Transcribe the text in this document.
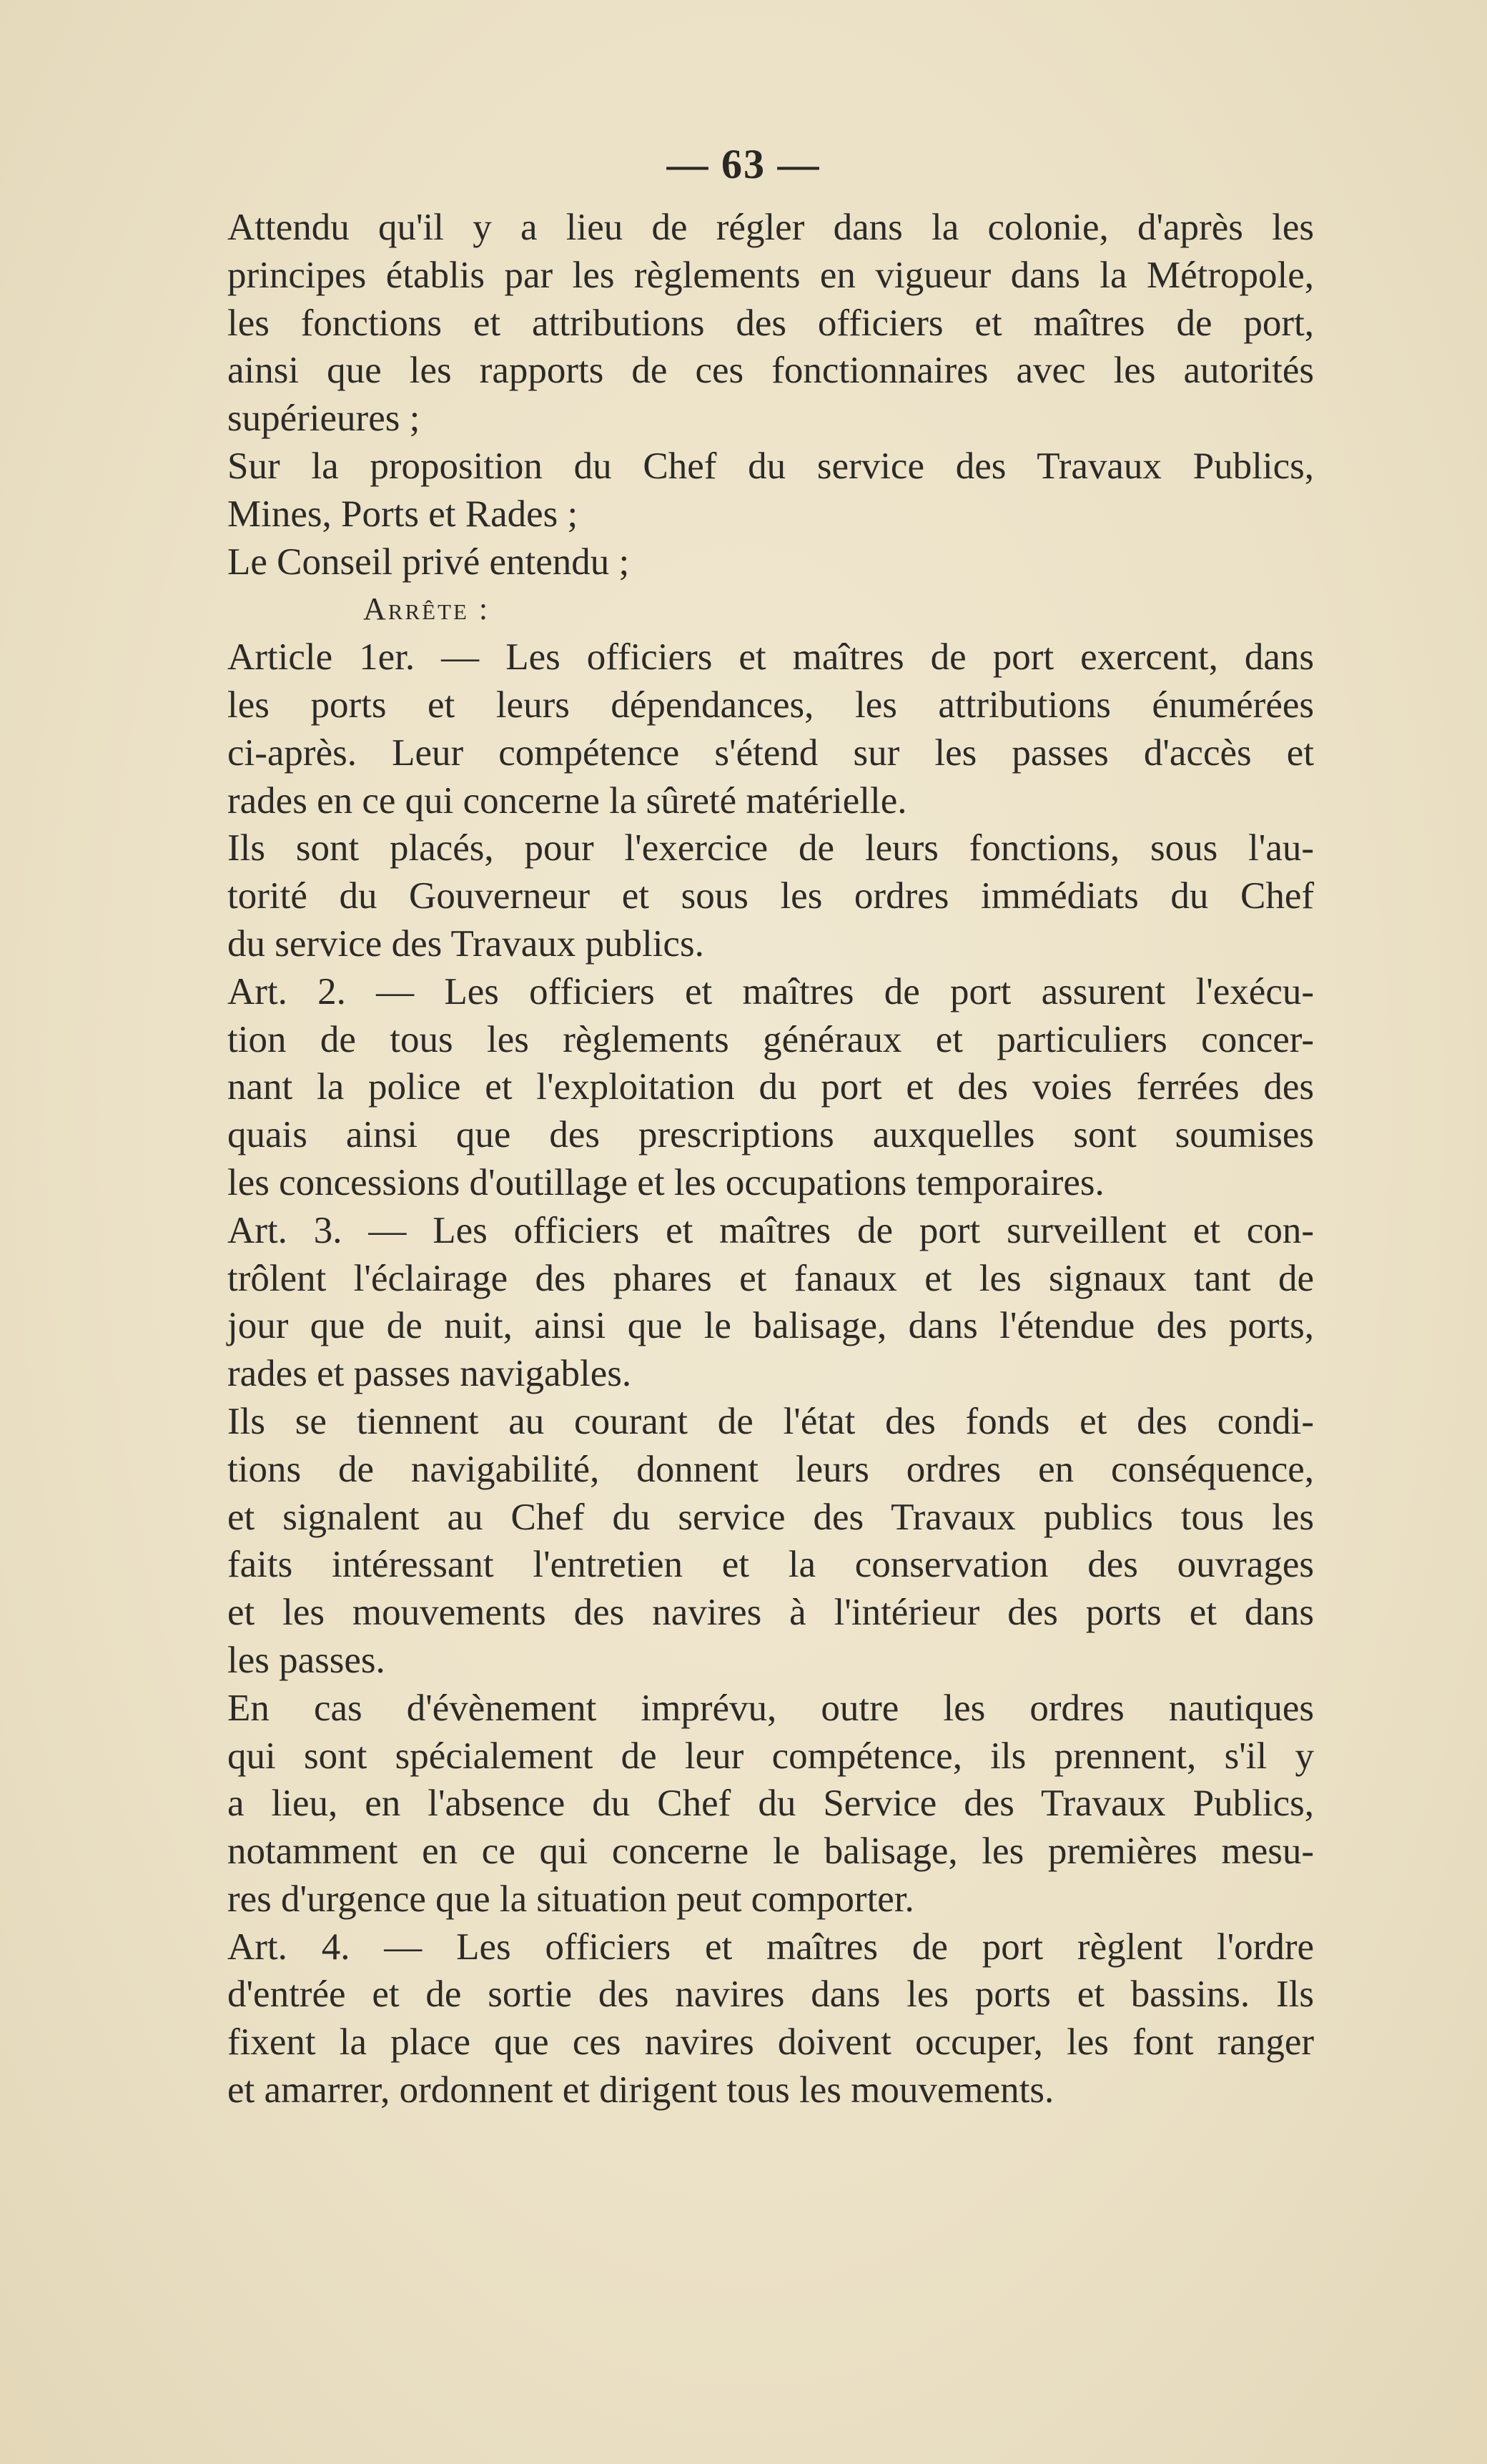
— 63 —
Attendu qu'il y a lieu de régler dans la colonie, d'après les
principes établis par les règlements en vigueur dans la Métropole,
les fonctions et attributions des officiers et maîtres de port,
ainsi que les rapports de ces fonctionnaires avec les autorités
supérieures ;
Sur la proposition du Chef du service des Travaux Publics,
Mines, Ports et Rades ;
Le Conseil privé entendu ;
Arrête :
Article 1er. — Les officiers et maîtres de port exercent, dans
les ports et leurs dépendances, les attributions énumérées
ci-après. Leur compétence s'étend sur les passes d'accès et
rades en ce qui concerne la sûreté matérielle.
Ils sont placés, pour l'exercice de leurs fonctions, sous l'au-
torité du Gouverneur et sous les ordres immédiats du Chef
du service des Travaux publics.
Art. 2. — Les officiers et maîtres de port assurent l'exécu-
tion de tous les règlements généraux et particuliers concer-
nant la police et l'exploitation du port et des voies ferrées des
quais ainsi que des prescriptions auxquelles sont soumises
les concessions d'outillage et les occupations temporaires.
Art. 3. — Les officiers et maîtres de port surveillent et con-
trôlent l'éclairage des phares et fanaux et les signaux tant de
jour que de nuit, ainsi que le balisage, dans l'étendue des ports,
rades et passes navigables.
Ils se tiennent au courant de l'état des fonds et des condi-
tions de navigabilité, donnent leurs ordres en conséquence,
et signalent au Chef du service des Travaux publics tous les
faits intéressant l'entretien et la conservation des ouvrages
et les mouvements des navires à l'intérieur des ports et dans
les passes.
En cas d'évènement imprévu, outre les ordres nautiques
qui sont spécialement de leur compétence, ils prennent, s'il y
a lieu, en l'absence du Chef du Service des Travaux Publics,
notamment en ce qui concerne le balisage, les premières mesu-
res d'urgence que la situation peut comporter.
Art. 4. — Les officiers et maîtres de port règlent l'ordre
d'entrée et de sortie des navires dans les ports et bassins. Ils
fixent la place que ces navires doivent occuper, les font ranger
et amarrer, ordonnent et dirigent tous les mouvements.
